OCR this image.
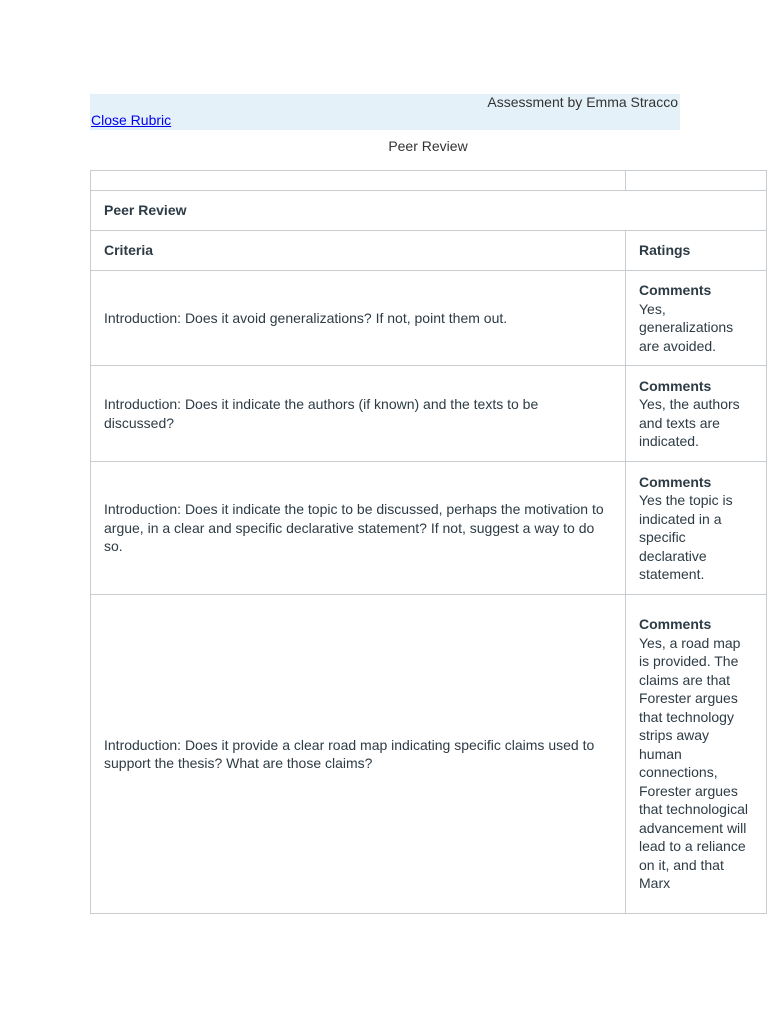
Assessment by Emma Stracco
Close Rubric
Peer Review

Peer Review	
Criteria	Ratings
Introduction: Does it avoid generalizations? If not, point them out.	Comments
Yes, generalizations are avoided.

Introduction: Does it indicate the authors (if known) and the texts to be discussed?	Comments
Yes, the authors and texts are indicated.

Introduction: Does it indicate the topic to be discussed, perhaps the motivation to argue, in a clear and specific declarative statement? If not, suggest a way to do so.	Comments
Yes the topic is indicated in a specific declarative statement.

Introduction: Does it provide a clear road map indicating specific claims used to support the thesis? What are those claims?	Comments
Yes, a road map is provided. The claims are that Forester argues that technology strips away human connections, Forester argues that technological advancement will lead to a reliance on it, and that Marx
